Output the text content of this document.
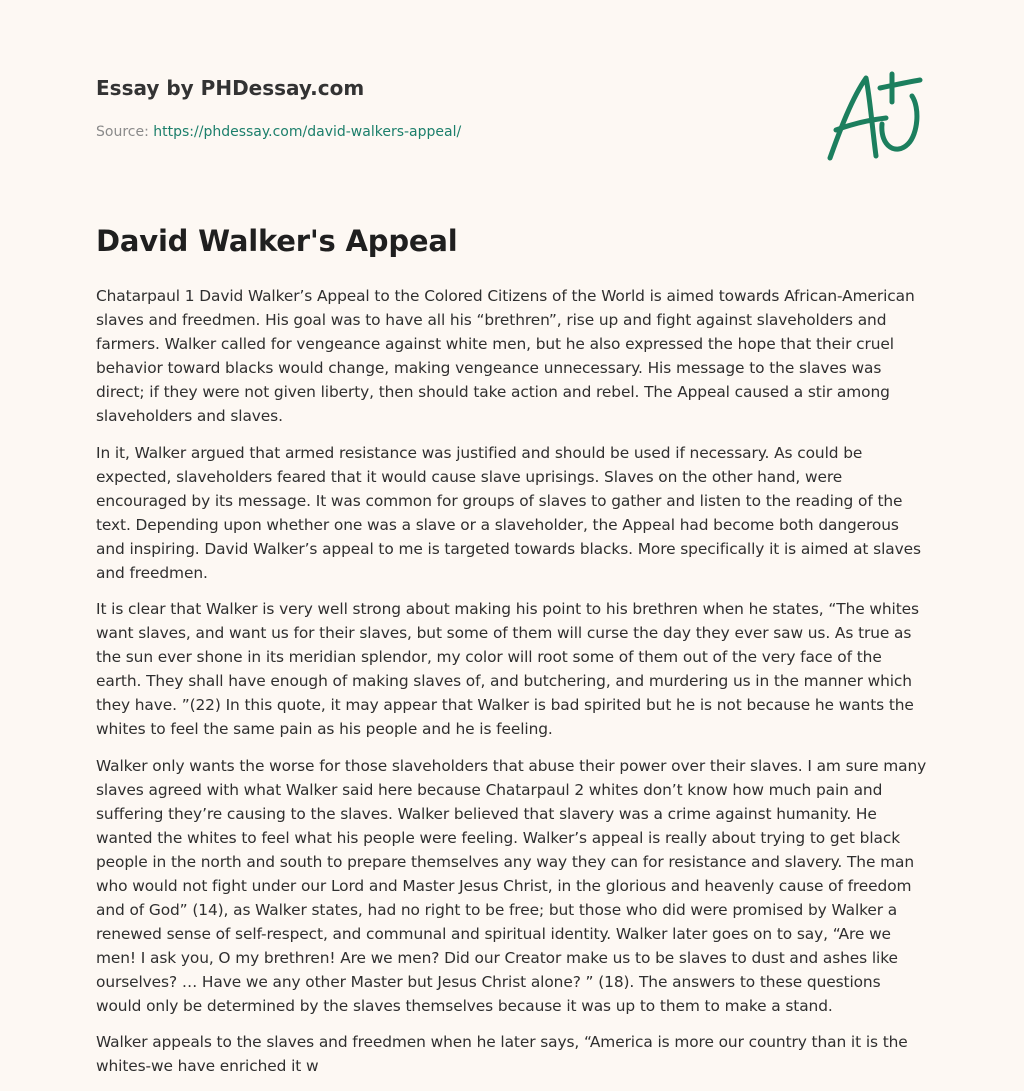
Essay by PHDessay.com
Source: https://phdessay.com/david-walkers-appeal/
David Walker's Appeal

Chatarpaul 1 David Walker’s Appeal to the Colored Citizens of the World is aimed towards African-American slaves and freedmen. His goal was to have all his “brethren”, rise up and fight against slaveholders and farmers. Walker called for vengeance against white men, but he also expressed the hope that their cruel behavior toward blacks would change, making vengeance unnecessary. His message to the slaves was direct; if they were not given liberty, then should take action and rebel. The Appeal caused a stir among slaveholders and slaves.

In it, Walker argued that armed resistance was justified and should be used if necessary. As could be expected, slaveholders feared that it would cause slave uprisings. Slaves on the other hand, were encouraged by its message. It was common for groups of slaves to gather and listen to the reading of the text. Depending upon whether one was a slave or a slaveholder, the Appeal had become both dangerous and inspiring. David Walker’s appeal to me is targeted towards blacks. More specifically it is aimed at slaves and freedmen.

It is clear that Walker is very well strong about making his point to his brethren when he states, “The whites want slaves, and want us for their slaves, but some of them will curse the day they ever saw us. As true as the sun ever shone in its meridian splendor, my color will root some of them out of the very face of the earth. They shall have enough of making slaves of, and butchering, and murdering us in the manner which they have. ”(22) In this quote, it may appear that Walker is bad spirited but he is not because he wants the whites to feel the same pain as his people and he is feeling.

Walker only wants the worse for those slaveholders that abuse their power over their slaves. I am sure many slaves agreed with what Walker said here because Chatarpaul 2 whites don’t know how much pain and suffering they’re causing to the slaves. Walker believed that slavery was a crime against humanity. He wanted the whites to feel what his people were feeling. Walker’s appeal is really about trying to get black people in the north and south to prepare themselves any way they can for resistance and slavery. The man who would not fight under our Lord and Master Jesus Christ, in the glorious and heavenly cause of freedom and of God” (14), as Walker states, had no right to be free; but those who did were promised by Walker a renewed sense of self-respect, and communal and spiritual identity. Walker later goes on to say, “Are we men! I ask you, O my brethren! Are we men? Did our Creator make us to be slaves to dust and ashes like ourselves? … Have we any other Master but Jesus Christ alone? ” (18). The answers to these questions would only be determined by the slaves themselves because it was up to them to make a stand.

Walker appeals to the slaves and freedmen when he later says, “America is more our country than it is the whites-we have enriched it w
